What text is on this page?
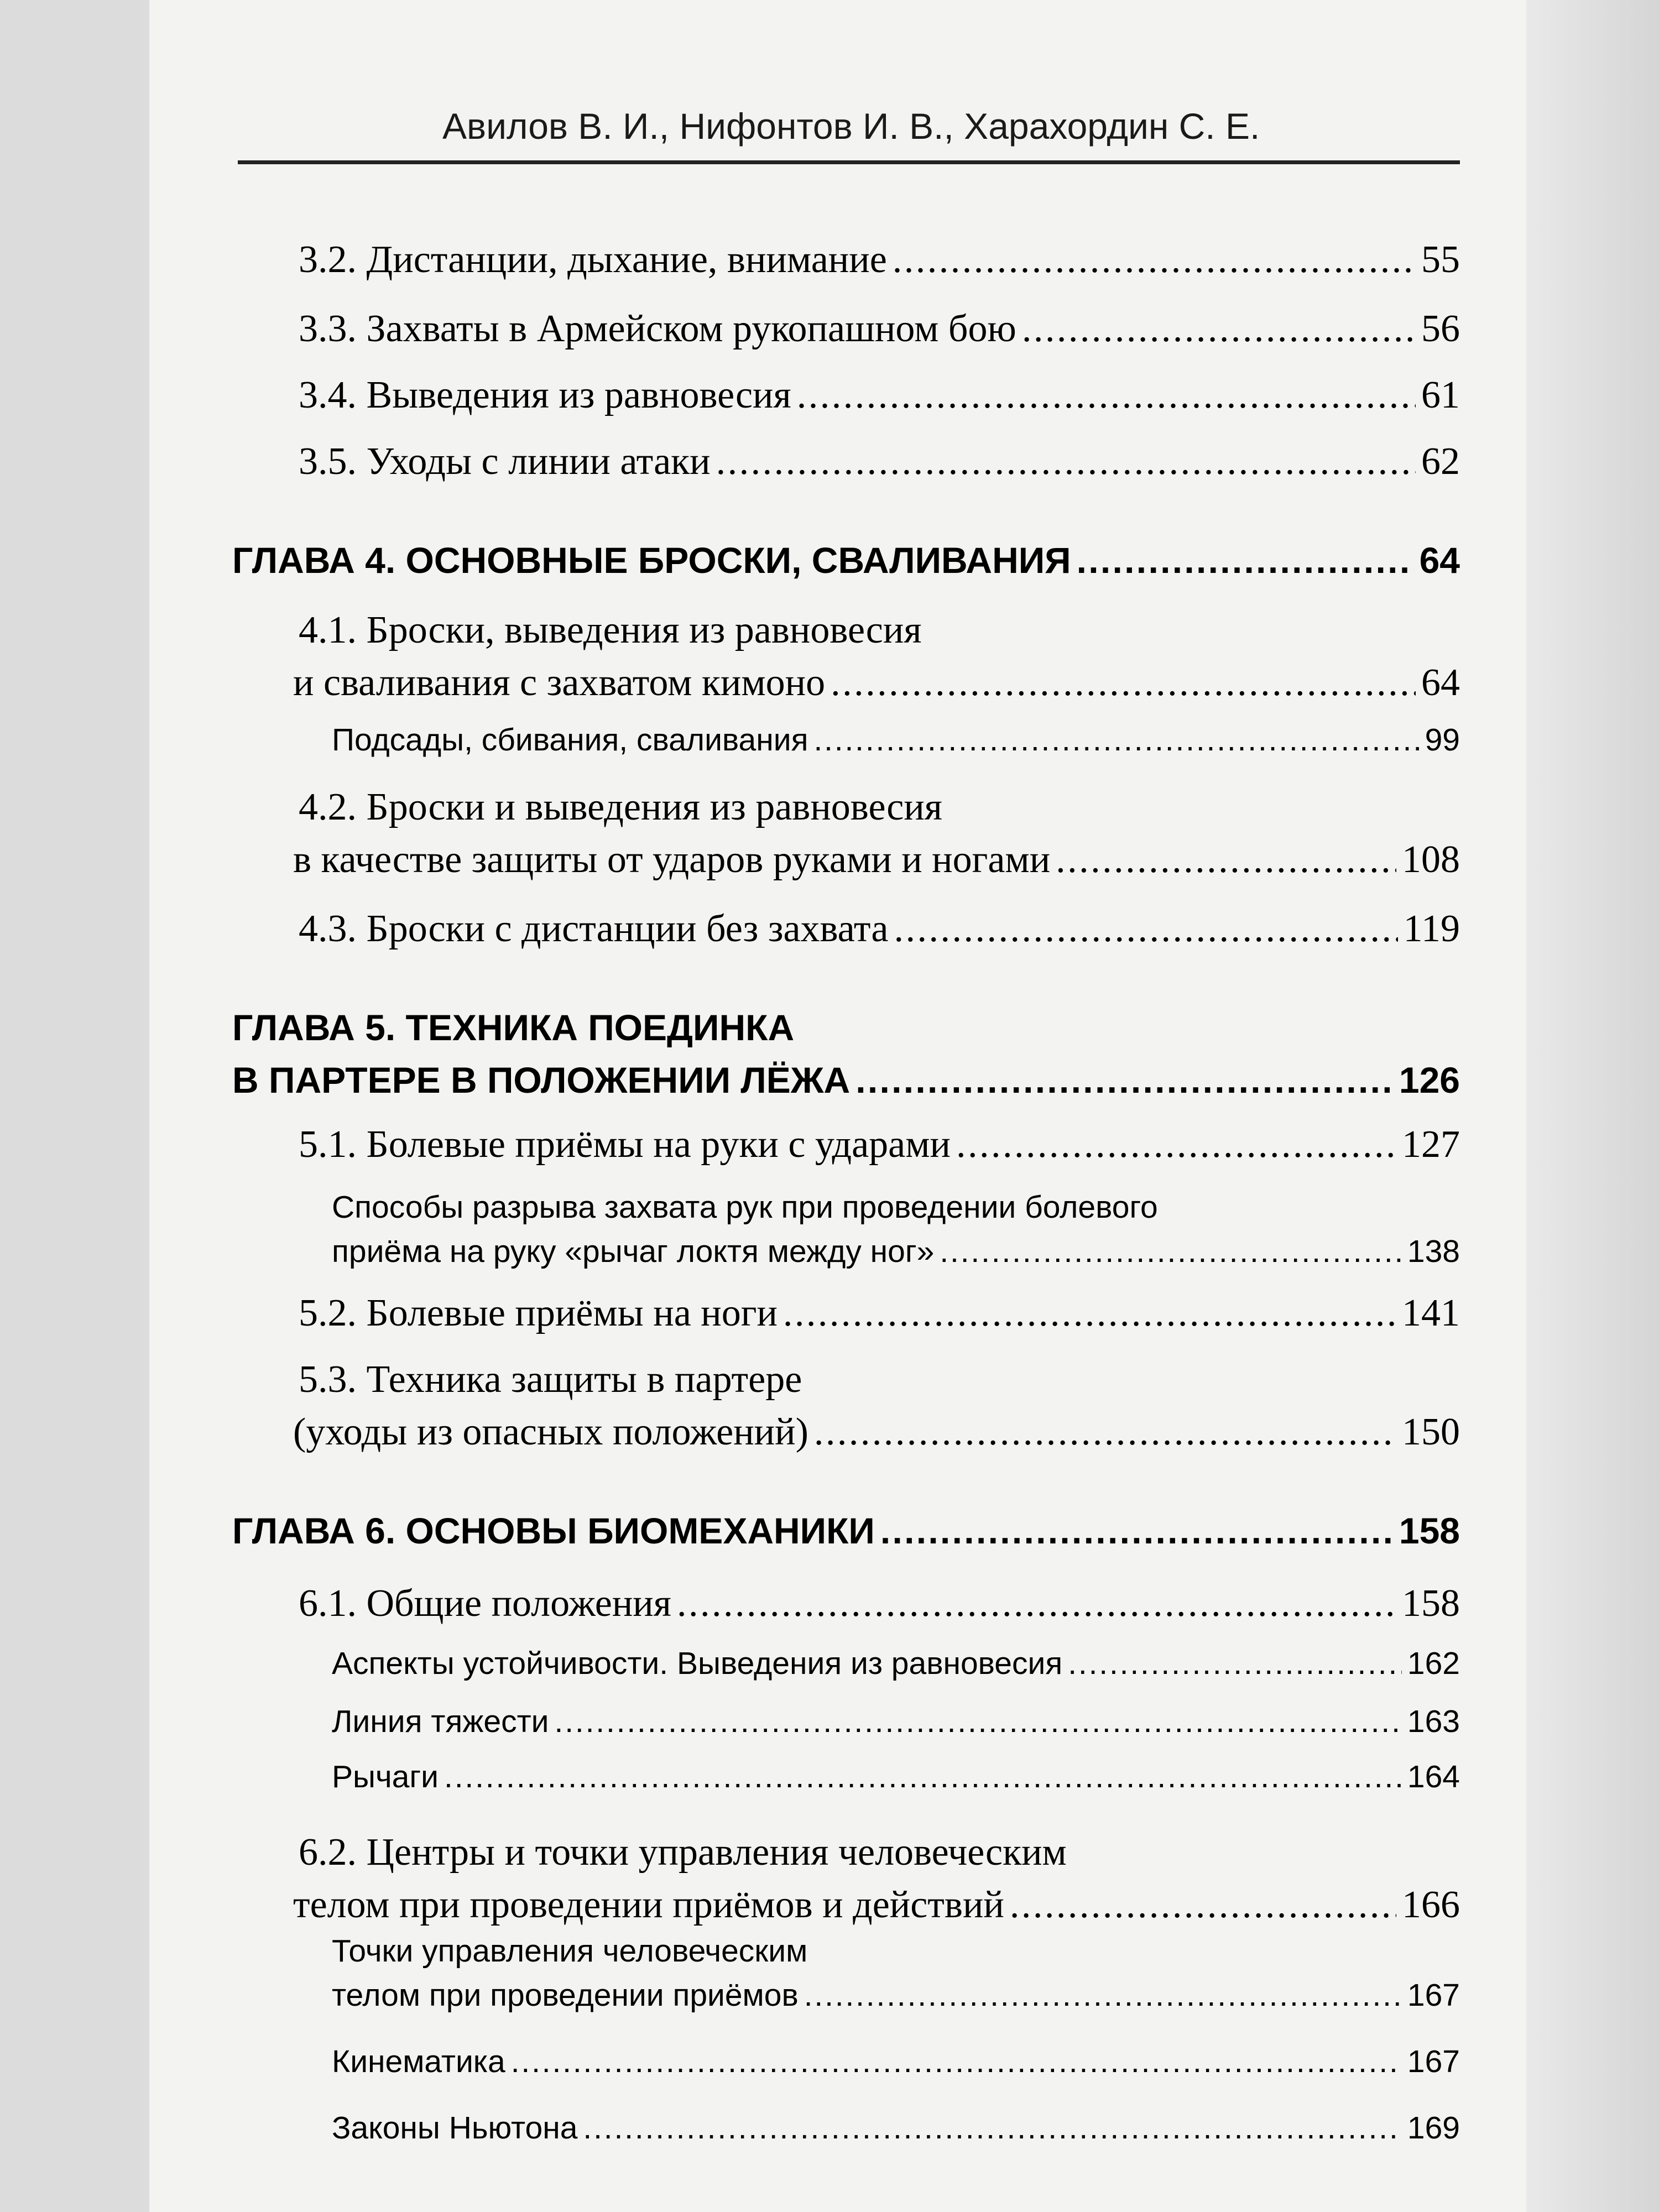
Авилов В. И., Нифонтов И. В., Харахордин С. Е.
3.2. Дистанции, дыхание, внимание .....	55
3.3. Захваты в Армейском рукопашном бою .....	56
3.4. Выведения из равновесия .....	61
3.5. Уходы с линии атаки .....	62
ГЛАВА 4. ОСНОВНЫЕ БРОСКИ, СВАЛИВАНИЯ .....	64
4.1. Броски, выведения из равновесия
и сваливания с захватом кимоно .....	64
Подсады, сбивания, сваливания .....	99
4.2. Броски и выведения из равновесия
в качестве защиты от ударов руками и ногами .....	108
4.3. Броски с дистанции без захвата .....	119
ГЛАВА 5. ТЕХНИКА ПОЕДИНКА
В ПАРТЕРЕ В ПОЛОЖЕНИИ ЛЁЖА .....	126
5.1. Болевые приёмы на руки с ударами .....	127
Способы разрыва захвата рук при проведении болевого
приёма на руку «рычаг локтя между ног» .....	138
5.2. Болевые приёмы на ноги .....	141
5.3. Техника защиты в партере
(уходы из опасных положений) .....	150
ГЛАВА 6. ОСНОВЫ БИОМЕХАНИКИ .....	158
6.1. Общие положения .....	158
Аспекты устойчивости. Выведения из равновесия .....	162
Линия тяжести .....	163
Рычаги .....	164
6.2. Центры и точки управления человеческим
телом при проведении приёмов и действий .....	166
Точки управления человеческим
телом при проведении приёмов .....	167
Кинематика .....	167
Законы Ньютона .....	169
